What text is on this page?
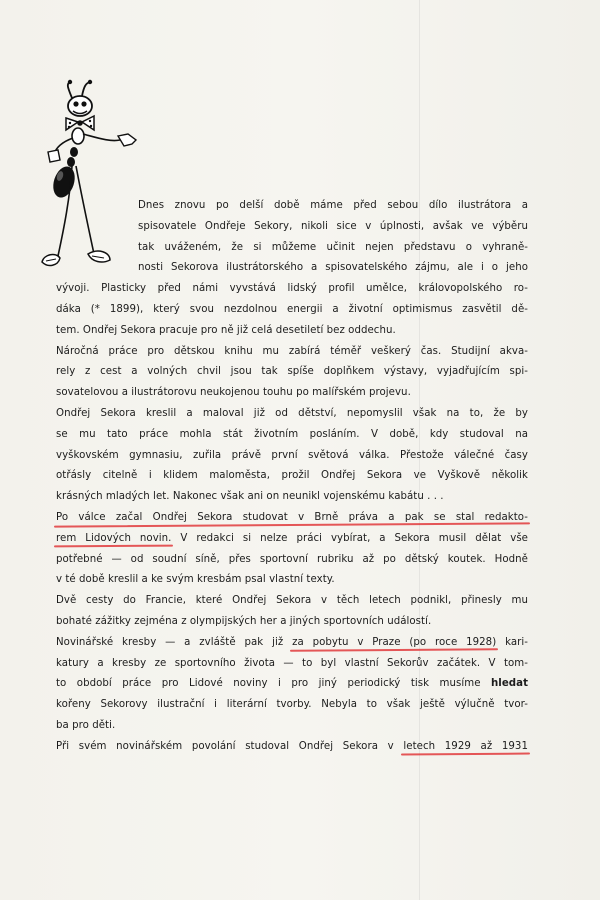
Dnes znovu po delší době máme před sebou dílo ilustrátora a
spisovatele Ondřeje Sekory, nikoli sice v úplnosti, avšak ve výběru
tak uváženém, že si můžeme učinit nejen představu o vyhraně-
nosti Sekorova ilustrátorského a spisovatelského zájmu, ale i o jeho
vývoji. Plasticky před námi vyvstává lidský profil umělce, královopolského ro-
dáka (* 1899), který svou nezdolnou energii a životní optimismus zasvětil dě-
tem. Ondřej Sekora pracuje pro ně již celá desetiletí bez oddechu.
Náročná práce pro dětskou knihu mu zabírá téměř veškerý čas. Studijní akva-
rely z cest a volných chvil jsou tak spíše doplňkem výstavy, vyjadřujícím spi-
sovatelovou a ilustrátorovu neukojenou touhu po malířském projevu.
Ondřej Sekora kreslil a maloval již od dětství, nepomyslil však na to, že by
se mu tato práce mohla stát životním posláním. V době, kdy studoval na
vyškovském gymnasiu, zuřila právě první světová válka. Přestože válečné časy
otřásly citelně i klidem maloměsta, prožil Ondřej Sekora ve Vyškově několik
krásných mladých let. Nakonec však ani on neunikl vojenskému kabátu . . .
Po válce začal Ondřej Sekora studovat v Brně práva a pak se stal redakto-
rem Lidových novin. V redakci si nelze práci vybírat, a Sekora musil dělat vše
potřebné — od soudní síně, přes sportovní rubriku až po dětský koutek. Hodně
v té době kreslil a ke svým kresbám psal vlastní texty.
Dvě cesty do Francie, které Ondřej Sekora v těch letech podnikl, přinesly mu
bohaté zážitky zejména z olympijských her a jiných sportovních událostí.
Novinářské kresby — a zvláště pak již za pobytu v Praze (po roce 1928) kari-
katury a kresby ze sportovního života — to byl vlastní Sekorův začátek. V tom-
to období práce pro Lidové noviny i pro jiný periodický tisk musíme hledat
kořeny Sekorovy ilustrační i literární tvorby. Nebyla to však ještě výlučně tvor-
ba pro děti.
Při svém novinářském povolání studoval Ondřej Sekora v letech 1929 až 1931
